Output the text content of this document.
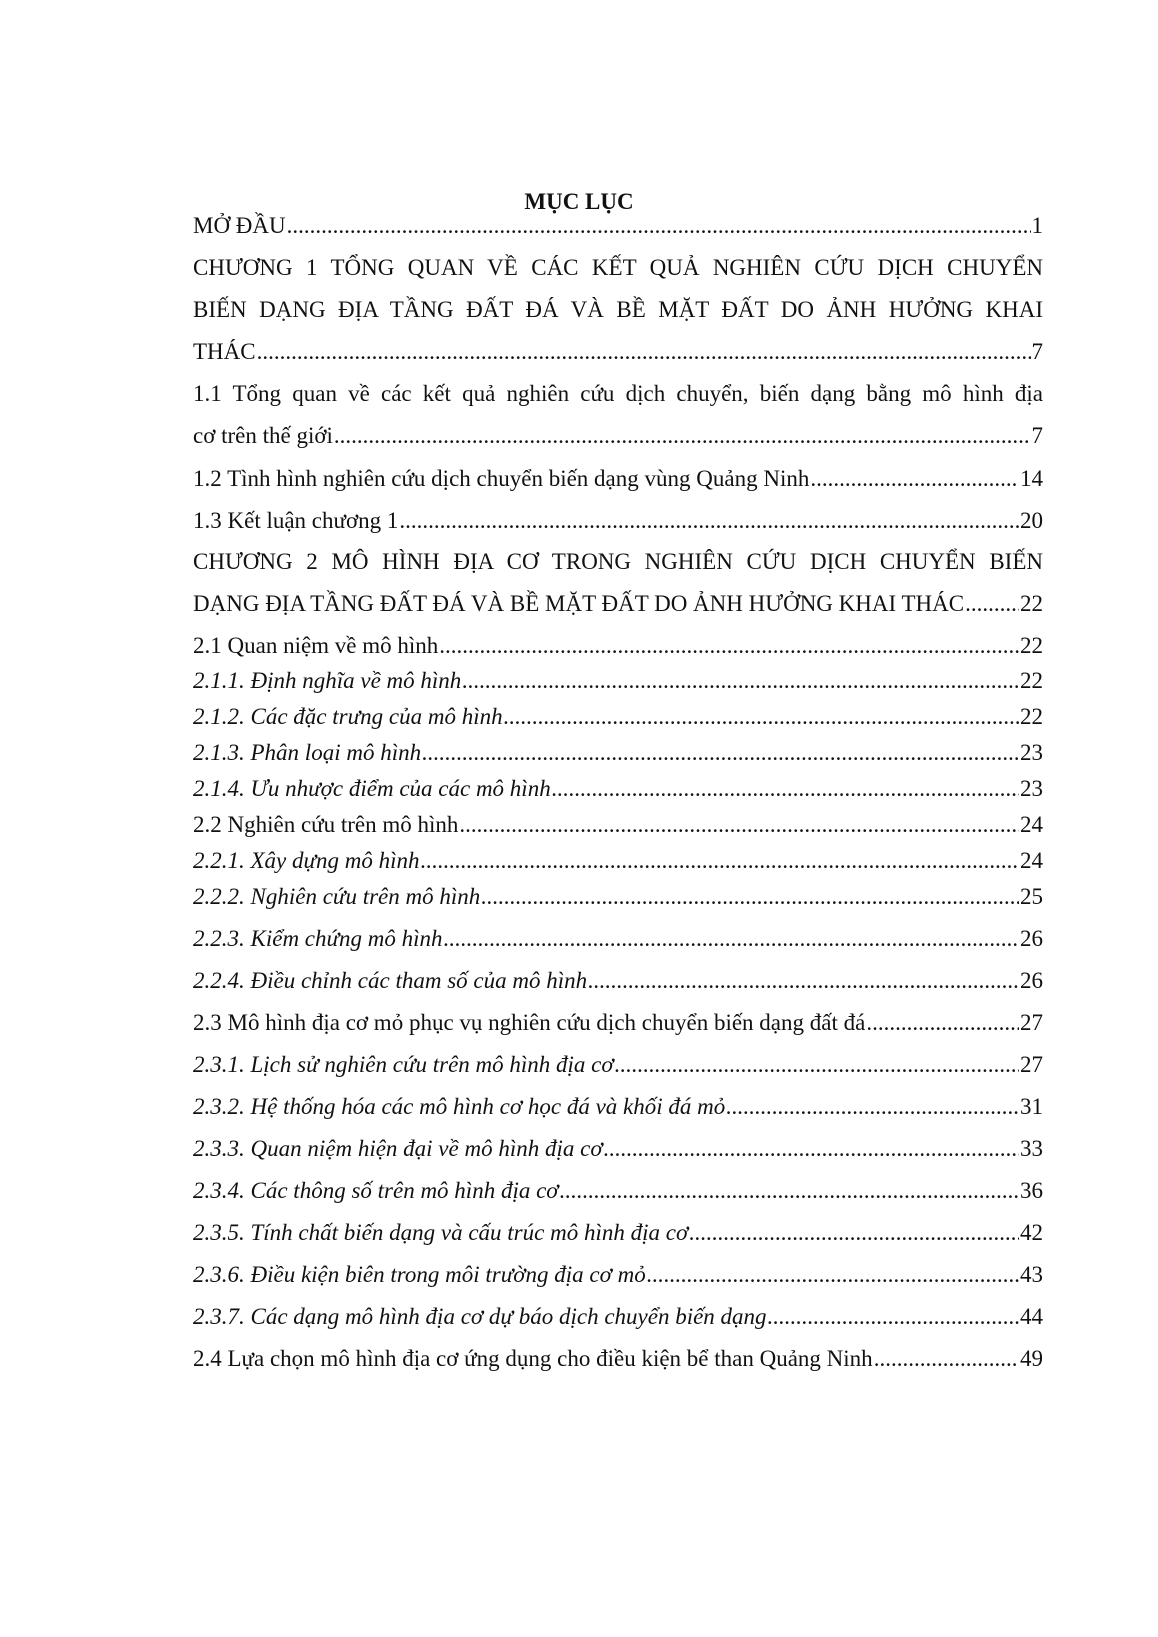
MỤC LỤC
MỞ ĐẦU .....	1
CHƯƠNG 1 TỔNG QUAN VỀ CÁC KẾT QUẢ NGHIÊN CỨU DỊCH CHUYỂN
BIẾN DẠNG ĐỊA TẦNG ĐẤT ĐÁ VÀ BỀ MẶT ĐẤT DO ẢNH HƯỞNG KHAI
THÁC .....	7
1.1 Tổng quan về các kết quả nghiên cứu dịch chuyển, biến dạng bằng mô hình địa
cơ trên thế giới .....	7
1.2 Tình hình nghiên cứu dịch chuyển biến dạng vùng Quảng Ninh .....	14
1.3 Kết luận chương 1 .....	20
CHƯƠNG 2 MÔ HÌNH ĐỊA CƠ TRONG NGHIÊN CỨU DỊCH CHUYỂN BIẾN
DẠNG ĐỊA TẦNG ĐẤT ĐÁ VÀ BỀ MẶT ĐẤT DO ẢNH HƯỞNG KHAI THÁC ..... 22
2.1 Quan niệm về mô hình .....	22
2.1.1. Định nghĩa về mô hình .....	22
2.1.2. Các đặc trưng của mô hình .....	22
2.1.3. Phân loại mô hình .....	23
2.1.4. Ưu nhược điểm của các mô hình .....	23
2.2 Nghiên cứu trên mô hình .....	24
2.2.1. Xây dựng mô hình .....	24
2.2.2. Nghiên cứu trên mô hình .....	25
2.2.3. Kiểm chứng mô hình .....	26
2.2.4. Điều chỉnh các tham số của mô hình .....	26
2.3 Mô hình địa cơ mỏ phục vụ nghiên cứu dịch chuyển biến dạng đất đá .....	27
2.3.1. Lịch sử nghiên cứu trên mô hình địa cơ .....	27
2.3.2. Hệ thống hóa các mô hình cơ học đá và khối đá mỏ .....	31
2.3.3. Quan niệm hiện đại về mô hình địa cơ .....	33
2.3.4. Các thông số trên mô hình địa cơ .....	36
2.3.5. Tính chất biến dạng và cấu trúc mô hình địa cơ .....	42
2.3.6. Điều kiện biên trong môi trường địa cơ mỏ .....	43
2.3.7. Các dạng mô hình địa cơ dự báo dịch chuyển biến dạng .....	44
2.4 Lựa chọn mô hình địa cơ ứng dụng cho điều kiện bể than Quảng Ninh .....	49
